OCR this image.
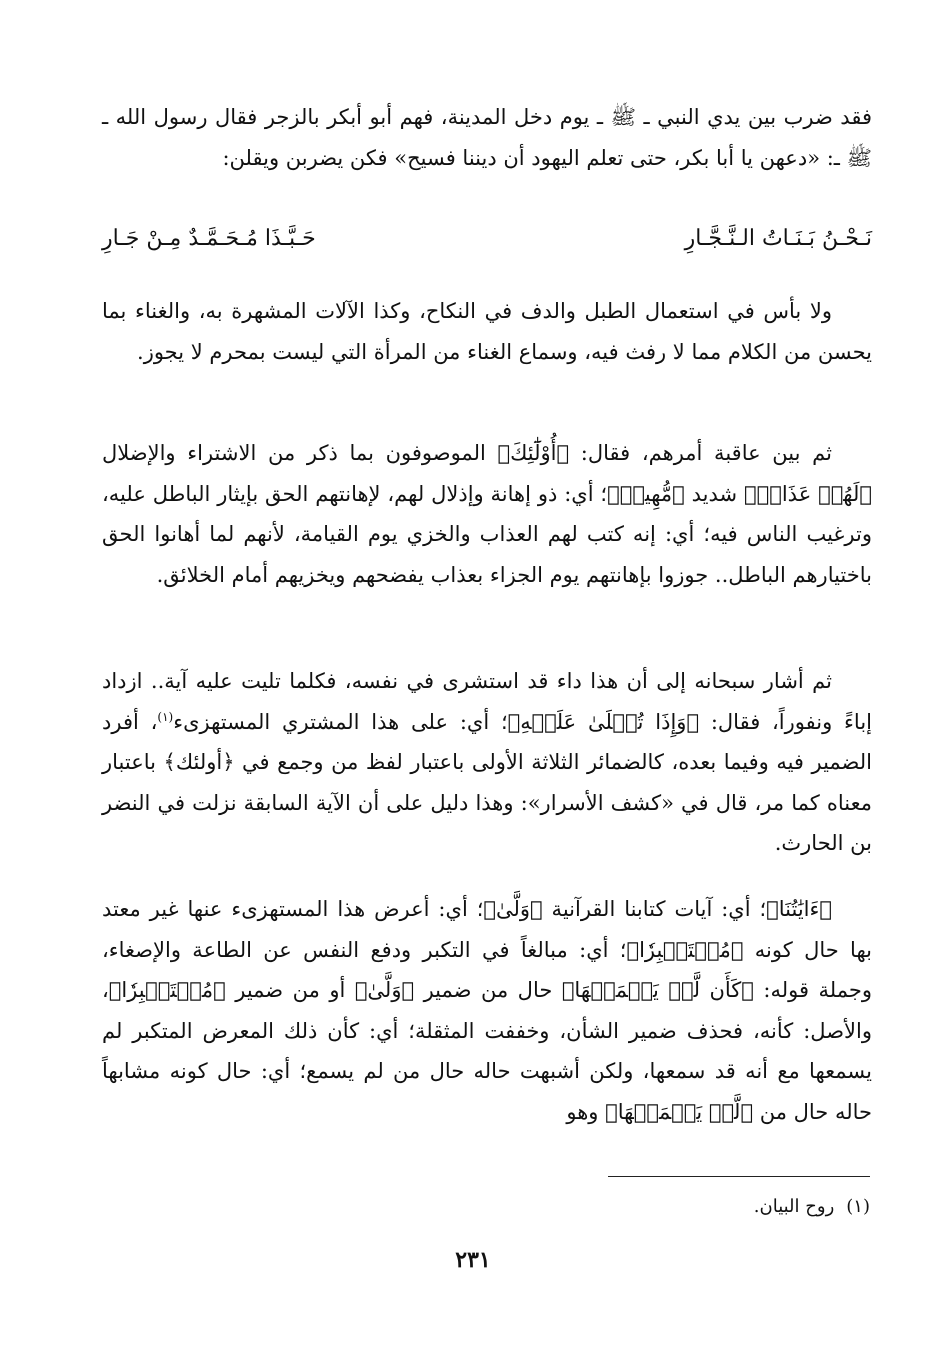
فقد ضرب بين يدي النبي ـ ﷺ ـ يوم دخل المدينة، فهم أبو أبكر بالزجر فقال رسول الله ـ ﷺ ـ: «دعهن يا أبا بكر، حتى تعلم اليهود أن ديننا فسيح» فكن يضربن ويقلن:

نَـحْـنُ بَـنَـاتُ الـنَّـجَّـارِ
حَـبَّـذَا مُـحَـمَّـدٌ مِـنْ جَـارِ

ولا بأس في استعمال الطبل والدف في النكاح، وكذا الآلات المشهرة به، والغناء بما يحسن من الكلام مما لا رفث فيه، وسماع الغناء من المرأة التي ليست بمحرم لا يجوز.

ثم بين عاقبة أمرهم، فقال: ﴿أُوْلَٰٓئِكَ﴾ الموصوفون بما ذكر من الاشتراء والإضلال ﴿لَهُمۡ عَذَابٞ﴾ شديد ﴿مُّهِينٞ﴾؛ أي: ذو إهانة وإذلال لهم، لإهانتهم الحق بإيثار الباطل عليه، وترغيب الناس فيه؛ أي: إنه كتب لهم العذاب والخزي يوم القيامة، لأنهم لما أهانوا الحق باختيارهم الباطل.. جوزوا بإهانتهم يوم الجزاء بعذاب يفضحهم ويخزيهم أمام الخلائق.

ثم أشار سبحانه إلى أن هذا داء قد استشرى في نفسه، فكلما تليت عليه آية.. ازداد إباءً ونفوراً، فقال: ﴿وَإِذَا تُتۡلَىٰ عَلَيۡهِ﴾؛ أي: على هذا المشتري المستهزىء$^{(١)}$، أفرد الضمير فيه وفيما بعده، كالضمائر الثلاثة الأولى باعتبار لفظ من وجمع في ﴿أولئك﴾ باعتبار معناه كما مر، قال في «كشف الأسرار»: وهذا دليل على أن الآية السابقة نزلت في النضر بن الحارث.

﴿ءَايَٰتُنَا﴾؛ أي: آيات كتابنا القرآنية ﴿وَلَّىٰ﴾؛ أي: أعرض هذا المستهزىء عنها غير معتد بها حال كونه ﴿مُسۡتَكۡبِرٗا﴾؛ أي: مبالغاً في التكبر ودفع النفس عن الطاعة والإصغاء، وجملة قوله: ﴿كَأَن لَّمۡ يَسۡمَعۡهَا﴾ حال من ضمير ﴿وَلَّىٰ﴾ أو من ضمير ﴿مُسۡتَكۡبِرٗا﴾، والأصل: كأنه، فحذف ضمير الشأن، وخففت المثقلة؛ أي: كأن ذلك المعرض المتكبر لم يسمعها مع أنه قد سمعها، ولكن أشبهت حاله حال من لم يسمع؛ أي: حال كونه مشابهاً حاله حال من ﴿لَّمۡ يَسۡمَعۡهَا﴾ وهو

(١)روح البيان.
٢٣١
